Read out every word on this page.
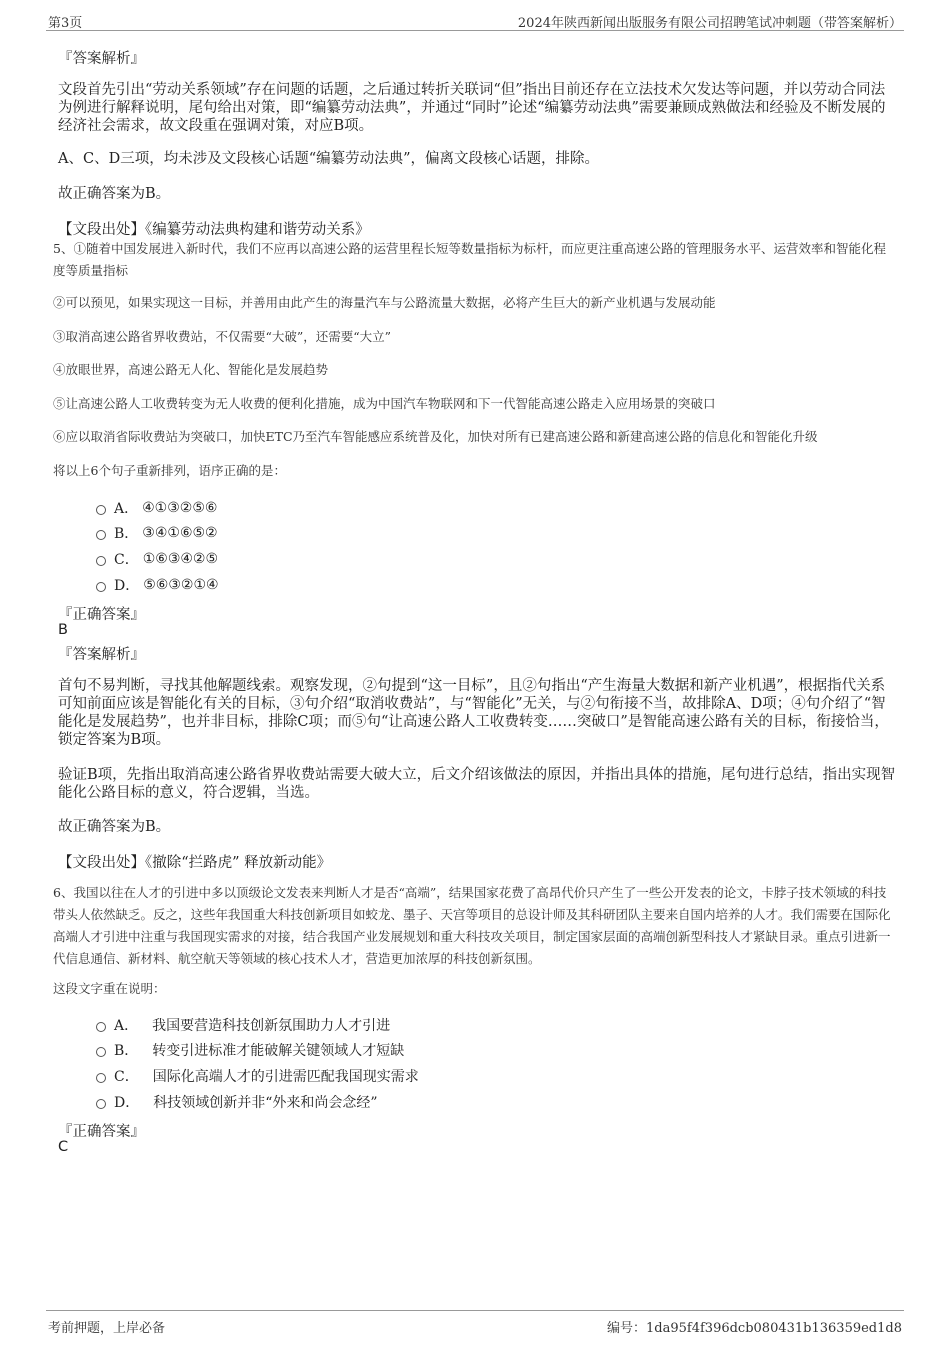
第3页	2024年陕西新闻出版服务有限公司招聘笔试冲刺题（带答案解析）
『答案解析』
文段首先引出“劳动关系领域”存在问题的话题，之后通过转折关联词“但”指出目前还存在立法技术欠发达等问题，并以劳动合同法为例进行解释说明，尾句给出对策，即“编纂劳动法典”，并通过“同时”论述“编纂劳动法典”需要兼顾成熟做法和经验及不断发展的经济社会需求，故文段重在强调对策，对应B项。
A、C、D三项，均未涉及文段核心话题“编纂劳动法典”，偏离文段核心话题，排除。
故正确答案为B。
【文段出处】《编纂劳动法典构建和谐劳动关系》
5、①随着中国发展进入新时代，我们不应再以高速公路的运营里程长短等数量指标为标杆，而应更注重高速公路的管理服务水平、运营效率和智能化程度等质量指标
②可以预见，如果实现这一目标，并善用由此产生的海量汽车与公路流量大数据，必将产生巨大的新产业机遇与发展动能
③取消高速公路省界收费站，不仅需要“大破”，还需要“大立”
④放眼世界，高速公路无人化、智能化是发展趋势
⑤让高速公路人工收费转变为无人收费的便利化措施，成为中国汽车物联网和下一代智能高速公路走入应用场景的突破口
⑥应以取消省际收费站为突破口，加快ETC乃至汽车智能感应系统普及化，加快对所有已建高速公路和新建高速公路的信息化和智能化升级
将以上6个句子重新排列，语序正确的是：
A． ④①③②⑤⑥
B． ③④①⑥⑤②
C． ①⑥③④②⑤
D． ⑤⑥③②①④
『正确答案』
B
『答案解析』
首句不易判断，寻找其他解题线索。观察发现，②句提到“这一目标”，且②句指出“产生海量大数据和新产业机遇”，根据指代关系可知前面应该是智能化有关的目标，③句介绍“取消收费站”，与“智能化”无关，与②句衔接不当，故排除A、D项；④句介绍了“智能化是发展趋势”，也并非目标，排除C项；而⑤句“让高速公路人工收费转变……突破口”是智能高速公路有关的目标，衔接恰当，锁定答案为B项。
验证B项，先指出取消高速公路省界收费站需要大破大立，后文介绍该做法的原因，并指出具体的措施，尾句进行总结，指出实现智能化公路目标的意义，符合逻辑，当选。
故正确答案为B。
【文段出处】《撤除“拦路虎” 释放新动能》
6、我国以往在人才的引进中多以顶级论文发表来判断人才是否“高端”，结果国家花费了高昂代价只产生了一些公开发表的论文，卡脖子技术领域的科技带头人依然缺乏。反之，这些年我国重大科技创新项目如蛟龙、墨子、天宫等项目的总设计师及其科研团队主要来自国内培养的人才。我们需要在国际化高端人才引进中注重与我国现实需求的对接，结合我国产业发展规划和重大科技攻关项目，制定国家层面的高端创新型科技人才紧缺目录。重点引进新一代信息通信、新材料、航空航天等领域的核心技术人才，营造更加浓厚的科技创新氛围。
这段文字重在说明：
A． 我国要营造科技创新氛围助力人才引进
B． 转变引进标准才能破解关键领域人才短缺
C． 国际化高端人才的引进需匹配我国现实需求
D． 科技领域创新并非“外来和尚会念经”
『正确答案』
C
考前押题，上岸必备	编号：1da95f4f396dcb080431b136359ed1d8
